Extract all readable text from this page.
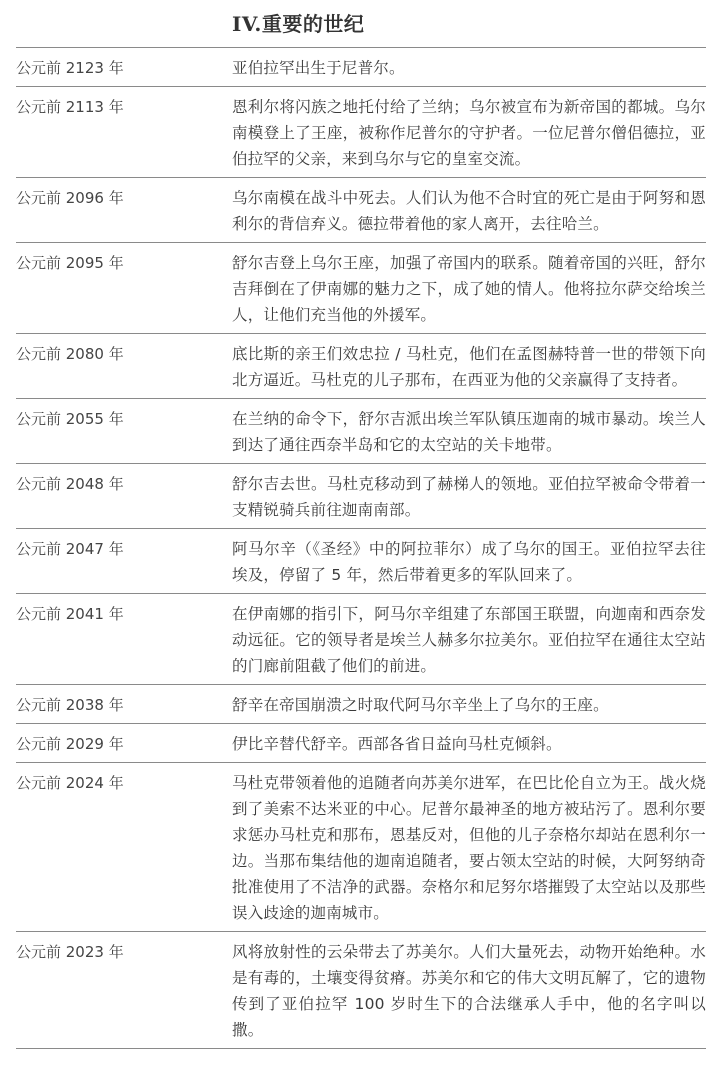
IV.重要的世纪
公元前 2123 年	亚伯拉罕出生于尼普尔。
公元前 2113 年	恩利尔将闪族之地托付给了兰纳；乌尔被宣布为新帝国的都城。乌尔南模登上了王座，被称作尼普尔的守护者。一位尼普尔僧侣德拉，亚伯拉罕的父亲，来到乌尔与它的皇室交流。
公元前 2096 年	乌尔南模在战斗中死去。人们认为他不合时宜的死亡是由于阿努和恩利尔的背信弃义。德拉带着他的家人离开，去往哈兰。
公元前 2095 年	舒尔吉登上乌尔王座，加强了帝国内的联系。随着帝国的兴旺，舒尔吉拜倒在了伊南娜的魅力之下，成了她的情人。他将拉尔萨交给埃兰人，让他们充当他的外援军。
公元前 2080 年	底比斯的亲王们效忠拉 / 马杜克，他们在孟图赫特普一世的带领下向北方逼近。马杜克的儿子那布，在西亚为他的父亲赢得了支持者。
公元前 2055 年	在兰纳的命令下，舒尔吉派出埃兰军队镇压迦南的城市暴动。埃兰人到达了通往西奈半岛和它的太空站的关卡地带。
公元前 2048 年	舒尔吉去世。马杜克移动到了赫梯人的领地。亚伯拉罕被命令带着一支精锐骑兵前往迦南南部。
公元前 2047 年	阿马尔辛（《圣经》中的阿拉菲尔）成了乌尔的国王。亚伯拉罕去往埃及，停留了 5 年，然后带着更多的军队回来了。
公元前 2041 年	在伊南娜的指引下，阿马尔辛组建了东部国王联盟，向迦南和西奈发动远征。它的领导者是埃兰人赫多尔拉美尔。亚伯拉罕在通往太空站的门廊前阻截了他们的前进。
公元前 2038 年	舒辛在帝国崩溃之时取代阿马尔辛坐上了乌尔的王座。
公元前 2029 年	伊比辛替代舒辛。西部各省日益向马杜克倾斜。
公元前 2024 年	马杜克带领着他的追随者向苏美尔进军，在巴比伦自立为王。战火烧到了美索不达米亚的中心。尼普尔最神圣的地方被玷污了。恩利尔要求惩办马杜克和那布，恩基反对，但他的儿子奈格尔却站在恩利尔一边。当那布集结他的迦南追随者，要占领太空站的时候，大阿努纳奇批准使用了不洁净的武器。奈格尔和尼努尔塔摧毁了太空站以及那些误入歧途的迦南城市。
公元前 2023 年	风将放射性的云朵带去了苏美尔。人们大量死去，动物开始绝种。水是有毒的，土壤变得贫瘠。苏美尔和它的伟大文明瓦解了，它的遗物传到了亚伯拉罕 100 岁时生下的合法继承人手中，他的名字叫以撒。
